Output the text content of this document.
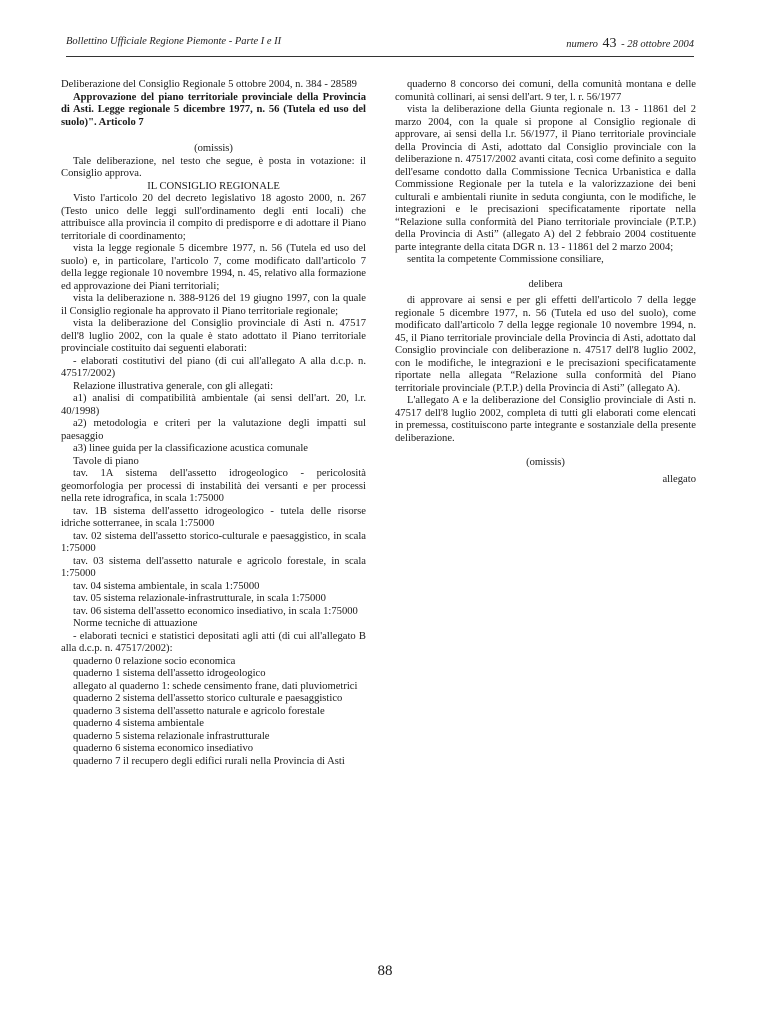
Bollettino Ufficiale Regione Piemonte - Parte I e II	numero 43 - 28 ottobre 2004

Deliberazione del Consiglio Regionale 5 ottobre 2004, n. 384 - 28589

Approvazione del piano territoriale provinciale della Provincia di Asti. Legge regionale 5 dicembre 1977, n. 56 (Tutela ed uso del suolo)". Articolo 7

(omissis)

Tale deliberazione, nel testo che segue, è posta in votazione: il Consiglio approva.

IL CONSIGLIO REGIONALE

Visto l'articolo 20 del decreto legislativo 18 agosto 2000, n. 267 (Testo unico delle leggi sull'ordinamento degli enti locali) che attribuisce alla provincia il compito di predisporre e di adottare il Piano territoriale di coordinamento;

vista la legge regionale 5 dicembre 1977, n. 56 (Tutela ed uso del suolo) e, in particolare, l'articolo 7, come modificato dall'articolo 7 della legge regionale 10 novembre 1994, n. 45, relativo alla formazione ed approvazione dei Piani territoriali;

vista la deliberazione n. 388-9126 del 19 giugno 1997, con la quale il Consiglio regionale ha approvato il Piano territoriale regionale;

vista la deliberazione del Consiglio provinciale di Asti n. 47517 dell'8 luglio 2002, con la quale è stato adottato il Piano territoriale provinciale costituito dai seguenti elaborati:

- elaborati costitutivi del piano (di cui all'allegato A alla d.c.p. n. 47517/2002)

Relazione illustrativa generale, con gli allegati:

a1) analisi di compatibilità ambientale (ai sensi dell'art. 20, l.r. 40/1998)

a2) metodologia e criteri per la valutazione degli impatti sul paesaggio

a3) linee guida per la classificazione acustica comunale

Tavole di piano

tav. 1A sistema dell'assetto idrogeologico - pericolosità geomorfologia per processi di instabilità dei versanti e per processi nella rete idrografica, in scala 1:75000

tav. 1B sistema dell'assetto idrogeologico - tutela delle risorse idriche sotterranee, in scala 1:75000

tav. 02 sistema dell'assetto storico-culturale e paesaggistico, in scala 1:75000

tav. 03 sistema dell'assetto naturale e agricolo forestale, in scala 1:75000

tav. 04 sistema ambientale, in scala 1:75000

tav. 05 sistema relazionale-infrastrutturale, in scala 1:75000

tav. 06 sistema dell'assetto economico insediativo, in scala 1:75000

Norme tecniche di attuazione

- elaborati tecnici e statistici depositati agli atti (di cui all'allegato B alla d.c.p. n. 47517/2002):

quaderno 0 relazione socio economica

quaderno 1 sistema dell'assetto idrogeologico

allegato al quaderno 1: schede censimento frane, dati pluviometrici

quaderno 2 sistema dell'assetto storico culturale e paesaggistico

quaderno 3 sistema dell'assetto naturale e agricolo forestale

quaderno 4 sistema ambientale

quaderno 5 sistema relazionale infrastrutturale

quaderno 6 sistema economico insediativo

quaderno 7 il recupero degli edifici rurali nella Provincia di Asti

quaderno 8 concorso dei comuni, della comunità montana e delle comunità collinari, ai sensi dell'art. 9 ter, l. r. 56/1977

vista la deliberazione della Giunta regionale n. 13 - 11861 del 2 marzo 2004, con la quale si propone al Consiglio regionale di approvare, ai sensi della l.r. 56/1977, il Piano territoriale provinciale della Provincia di Asti, adottato dal Consiglio provinciale con la deliberazione n. 47517/2002 avanti citata, così come definito a seguito dell'esame condotto dalla Commissione Tecnica Urbanistica e dalla Commissione Regionale per la tutela e la valorizzazione dei beni culturali e ambientali riunite in seduta congiunta, con le modifiche, le integrazioni e le precisazioni specificatamente riportate nella “Relazione sulla conformità del Piano territoriale provinciale (P.T.P.) della Provincia di Asti” (allegato A) del 2 febbraio 2004 costituente parte integrante della citata DGR n. 13 - 11861 del 2 marzo 2004;

sentita la competente Commissione consiliare,

delibera

di approvare ai sensi e per gli effetti dell'articolo 7 della legge regionale 5 dicembre 1977, n. 56 (Tutela ed uso del suolo), come modificato dall'articolo 7 della legge regionale 10 novembre 1994, n. 45, il Piano territoriale provinciale della Provincia di Asti, adottato dal Consiglio provinciale con deliberazione n. 47517 dell'8 luglio 2002, con le modifiche, le integrazioni e le precisazioni specificatamente riportate nella allegata “Relazione sulla conformità del Piano territoriale provinciale (P.T.P.) della Provincia di Asti” (allegato A).

L'allegato A e la deliberazione del Consiglio provinciale di Asti n. 47517 dell'8 luglio 2002, completa di tutti gli elaborati come elencati in premessa, costituiscono parte integrante e sostanziale della presente deliberazione.

(omissis)

allegato

88
